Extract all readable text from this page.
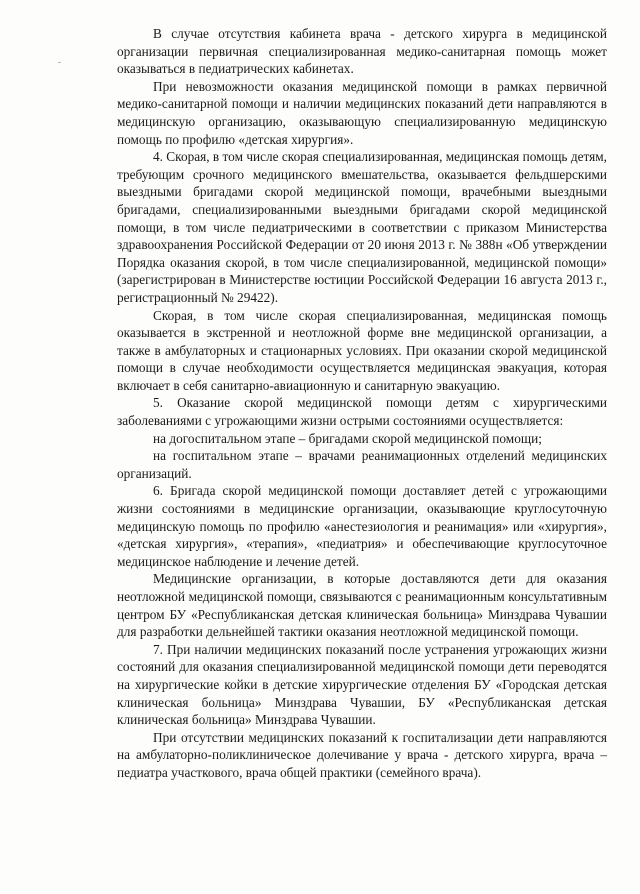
В случае отсутствия кабинета врача - детского хирурга в медицинской организации первичная специализированная медико-санитарная помощь может оказываться в педиатрических кабинетах.

При невозможности оказания медицинской помощи в рамках первичной медико-санитарной помощи и наличии медицинских показаний дети направляются в медицинскую организацию, оказывающую специализированную медицинскую помощь по профилю «детская хирургия».

4. Скорая, в том числе скорая специализированная, медицинская помощь детям, требующим срочного медицинского вмешательства, оказывается фельдшерскими выездными бригадами скорой медицинской помощи, врачебными выездными бригадами, специализированными выездными бригадами скорой медицинской помощи, в том числе педиатрическими в соответствии с приказом Министерства здравоохранения Российской Федерации от 20 июня 2013 г. № 388н «Об утверждении Порядка оказания скорой, в том числе специализированной, медицинской помощи» (зарегистрирован в Министерстве юстиции Российской Федерации 16 августа 2013 г., регистрационный № 29422).

Скорая, в том числе скорая специализированная, медицинская помощь оказывается в экстренной и неотложной форме вне медицинской организации, а также в амбулаторных и стационарных условиях. При оказании скорой медицинской помощи в случае необходимости осуществляется медицинская эвакуация, которая включает в себя санитарно-авиационную и санитарную эвакуацию.

5. Оказание скорой медицинской помощи детям с хирургическими заболеваниями с угрожающими жизни острыми состояниями осуществляется:

на догоспитальном этапе – бригадами скорой медицинской помощи;

на госпитальном этапе – врачами реанимационных отделений медицинских организаций.

6. Бригада скорой медицинской помощи доставляет детей с угрожающими жизни состояниями в медицинские организации, оказывающие круглосуточную медицинскую помощь по профилю «анестезиология и реанимация» или «хирургия», «детская хирургия», «терапия», «педиатрия» и обеспечивающие круглосуточное медицинское наблюдение и лечение детей.

Медицинские организации, в которые доставляются дети для оказания неотложной медицинской помощи, связываются с реанимационным консультативным центром БУ «Республиканская детская клиническая больница» Минздрава Чувашии для разработки дельнейшей тактики оказания неотложной медицинской помощи.

7. При наличии медицинских показаний после устранения угрожающих жизни состояний для оказания специализированной медицинской помощи дети переводятся на хирургические койки в детские хирургические отделения БУ «Городская детская клиническая больница» Минздрава Чувашии, БУ «Республиканская детская клиническая больница» Минздрава Чувашии.

При отсутствии медицинских показаний к госпитализации дети направляются на амбулаторно-поликлиническое долечивание у врача - детского хирурга, врача – педиатра участкового, врача общей практики (семейного врача).
